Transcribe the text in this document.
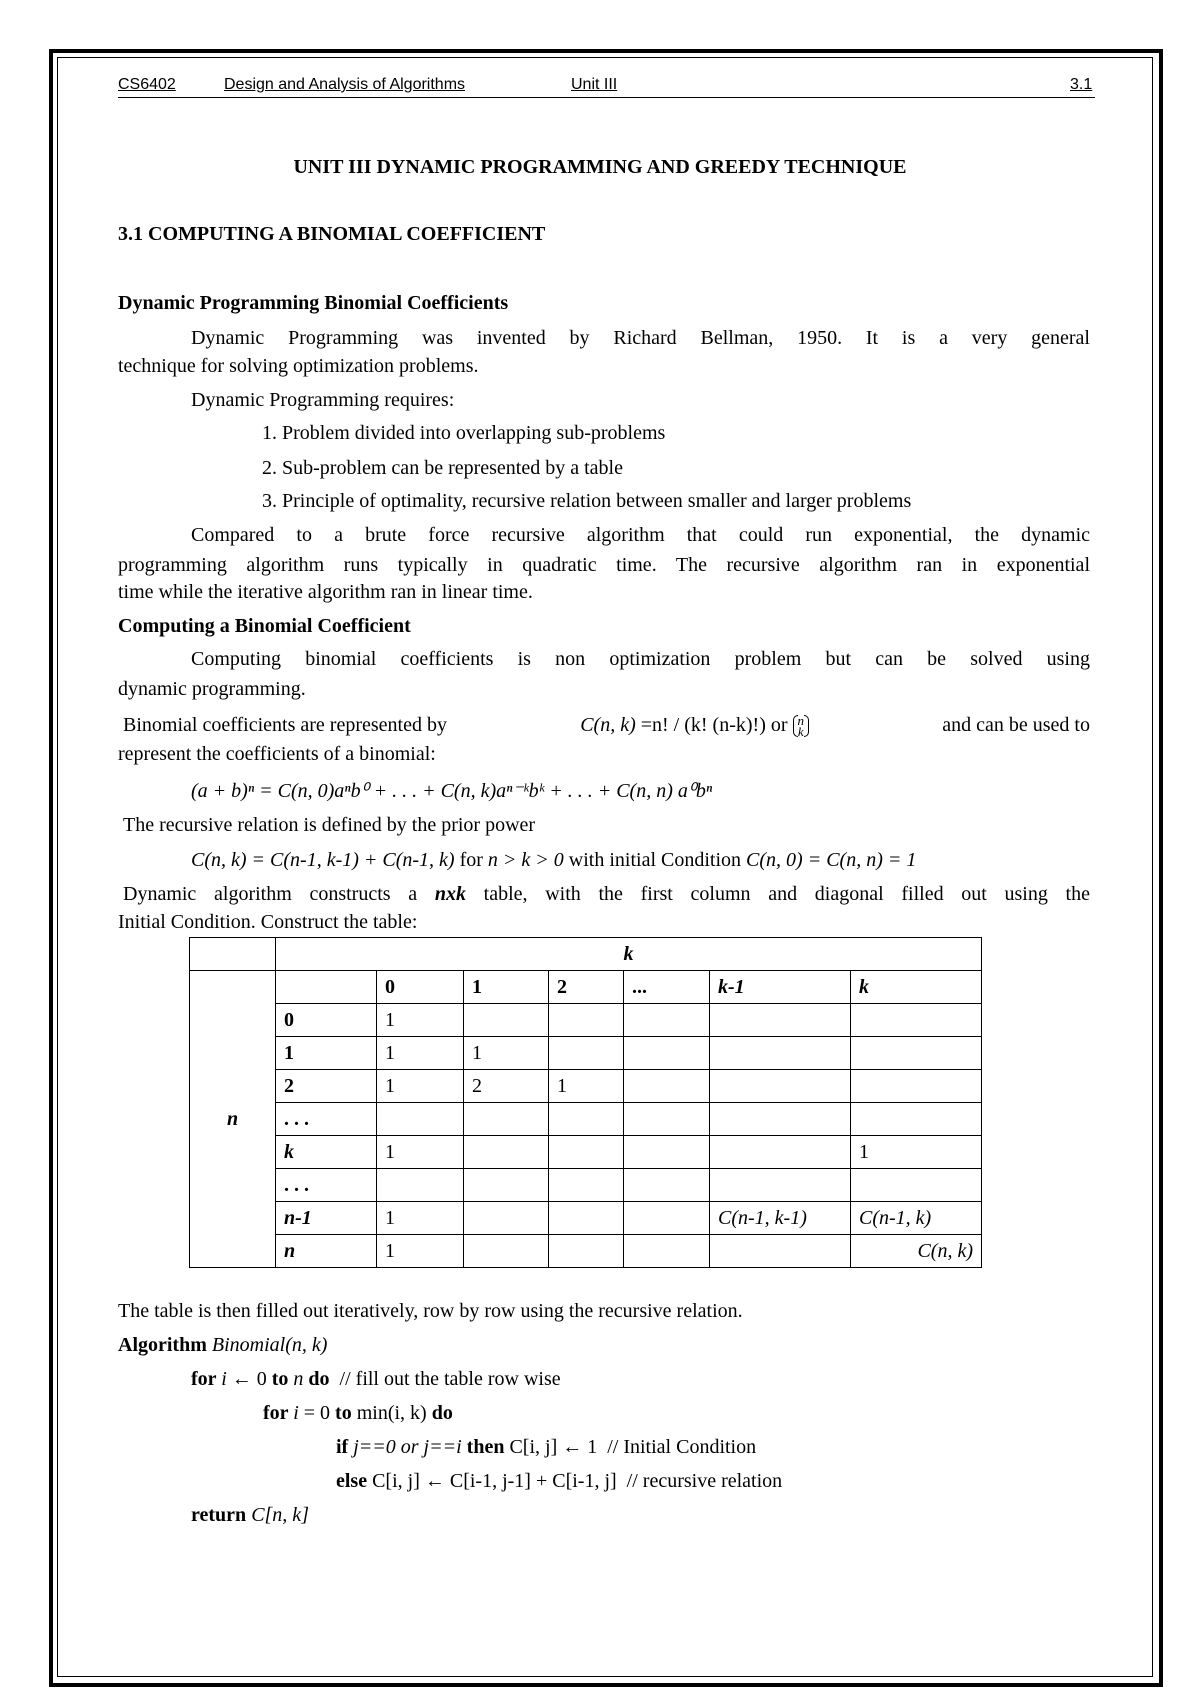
CS6402	Design and Analysis of Algorithms	Unit III	3.1
UNIT III DYNAMIC PROGRAMMING AND GREEDY TECHNIQUE
3.1 COMPUTING A BINOMIAL COEFFICIENT
Dynamic Programming Binomial Coefficients
Dynamic Programming was invented by Richard Bellman, 1950. It is a very general
technique for solving optimization problems.
Dynamic Programming requires:
1. Problem divided into overlapping sub-problems
2. Sub-problem can be represented by a table
3. Principle of optimality, recursive relation between smaller and larger problems
Compared to a brute force recursive algorithm that could run exponential, the dynamic
programming algorithm runs typically in quadratic time. The recursive algorithm ran in exponential
time while the iterative algorithm ran in linear time.
Computing a Binomial Coefficient
Computing binomial coefficients is non optimization problem but can be solved using
dynamic programming.
Binomial coefficients are represented by	C(n, k) =n! / (k! (n-k)!) or n
k	and can be used to
represent the coefficients of a binomial:
(a + b)ⁿ = C(n, 0)aⁿb⁰ + . . . + C(n, k)aⁿ⁻ᵏbᵏ + . . . + C(n, n) a⁰bⁿ
The recursive relation is defined by the prior power
C(n, k) = C(n-1, k-1) + C(n-1, k) for n > k > 0 with initial Condition C(n, 0) = C(n, n) = 1
Dynamic algorithm constructs a nxk table, with the first column and diagonal filled out using the
Initial Condition. Construct the table:
	k						
n		0	1	2	...	k-1	k
	0	1					
	1	1	1				
	2	1	2	1			
	. . .						
	k	1					1
	. . .						
	n-1	1				C(n-1, k-1)	C(n-1, k)
	n	1					C(n, k)
The table is then filled out iteratively, row by row using the recursive relation.
Algorithm Binomial(n, k)
for i ← 0 to n do  // fill out the table row wise
for i = 0 to min(i, k) do
if j==0 or j==i then C[i, j] ← 1  // Initial Condition
else C[i, j] ← C[i-1, j-1] + C[i-1, j]  // recursive relation
return C[n, k]
